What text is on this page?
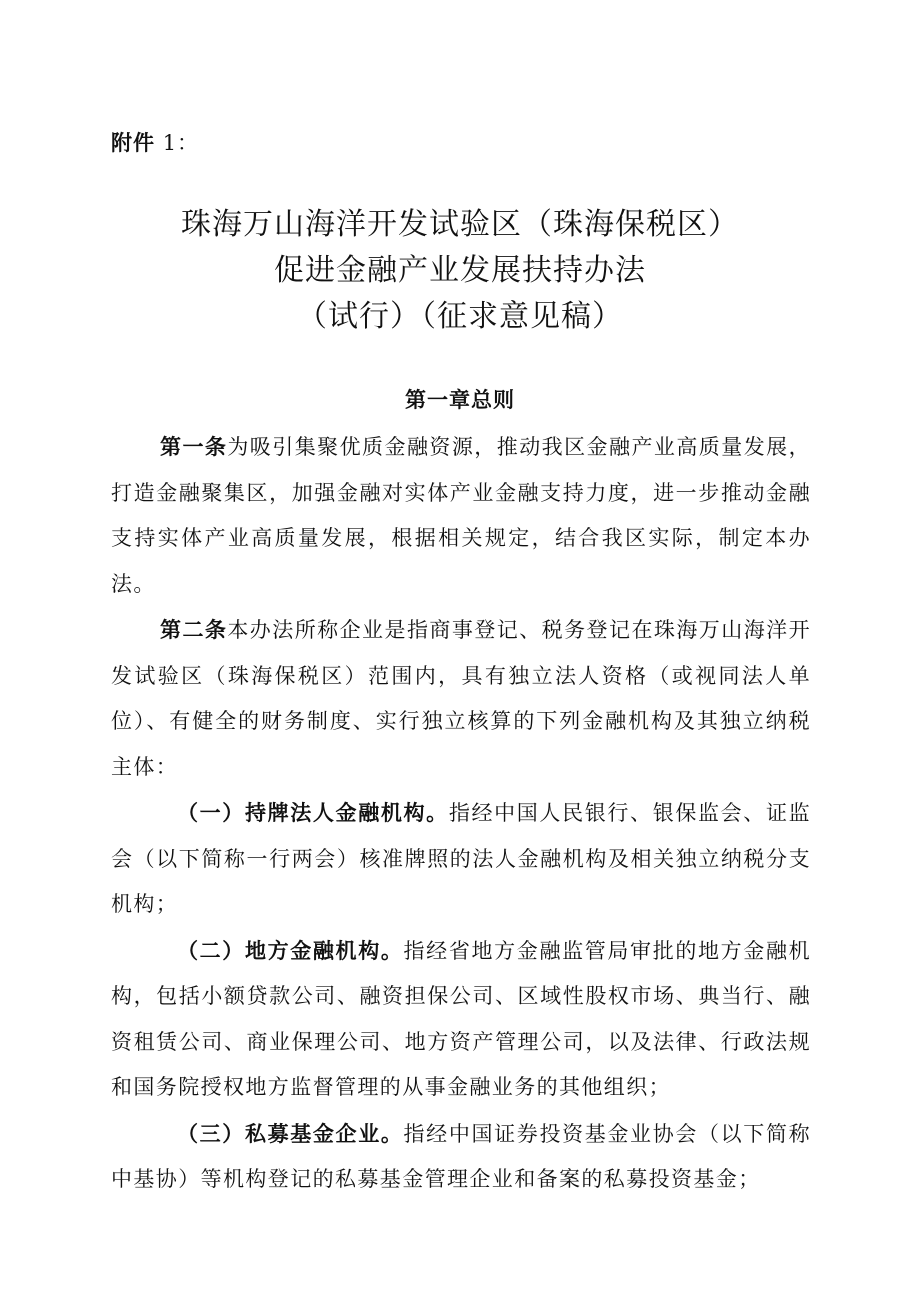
附件 1：
珠海万山海洋开发试验区（珠海保税区）
促进金融产业发展扶持办法
（试行）（征求意见稿）
第一章总则

第一条为吸引集聚优质金融资源，推动我区金融产业高质量发展，打造金融聚集区，加强金融对实体产业金融支持力度，进一步推动金融支持实体产业高质量发展，根据相关规定，结合我区实际，制定本办法。

第二条本办法所称企业是指商事登记、税务登记在珠海万山海洋开发试验区（珠海保税区）范围内，具有独立法人资格（或视同法人单位）、有健全的财务制度、实行独立核算的下列金融机构及其独立纳税主体：

（一）持牌法人金融机构。指经中国人民银行、银保监会、证监会（以下简称一行两会）核准牌照的法人金融机构及相关独立纳税分支机构；

（二）地方金融机构。指经省地方金融监管局审批的地方金融机构，包括小额贷款公司、融资担保公司、区域性股权市场、典当行、融资租赁公司、商业保理公司、地方资产管理公司，以及法律、行政法规和国务院授权地方监督管理的从事金融业务的其他组织；

（三）私募基金企业。指经中国证券投资基金业协会（以下简称中基协）等机构登记的私募基金管理企业和备案的私募投资基金；
